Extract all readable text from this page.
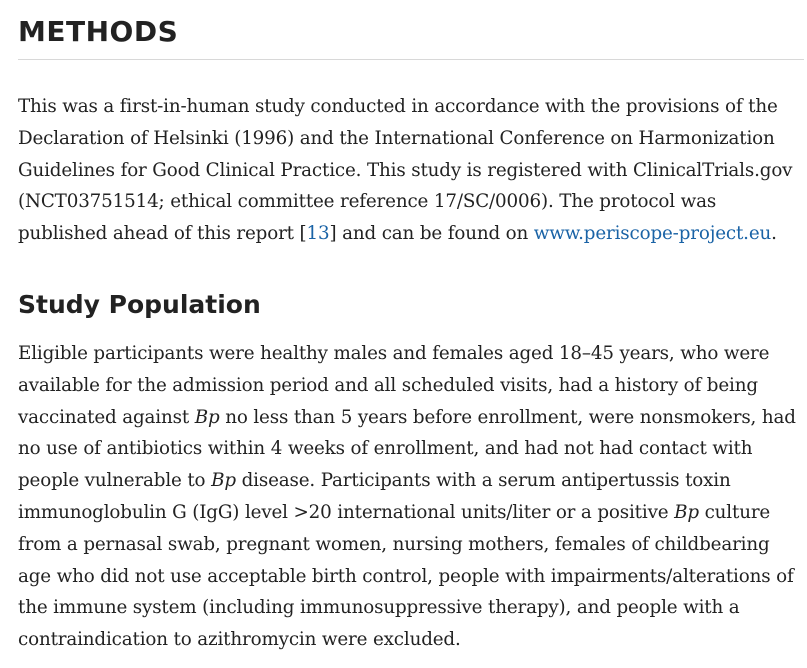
METHODS

This was a first-in-human study conducted in accordance with the provisions of the Declaration of Helsinki (1996) and the International Conference on Harmonization Guidelines for Good Clinical Practice. This study is registered with ClinicalTrials.gov (NCT03751514; ethical committee reference 17/SC/0006). The protocol was published ahead of this report [13] and can be found on www.periscope-project.eu.

Study Population

Eligible participants were healthy males and females aged 18–45 years, who were available for the admission period and all scheduled visits, had a history of being vaccinated against Bp no less than 5 years before enrollment, were nonsmokers, had no use of antibiotics within 4 weeks of enrollment, and had not had contact with people vulnerable to Bp disease. Participants with a serum antipertussis toxin immunoglobulin G (IgG) level >20 international units/liter or a positive Bp culture from a pernasal swab, pregnant women, nursing mothers, females of childbearing age who did not use acceptable birth control, people with impairments/alterations of the immune system (including immunosuppressive therapy), and people with a contraindication to azithromycin were excluded.
